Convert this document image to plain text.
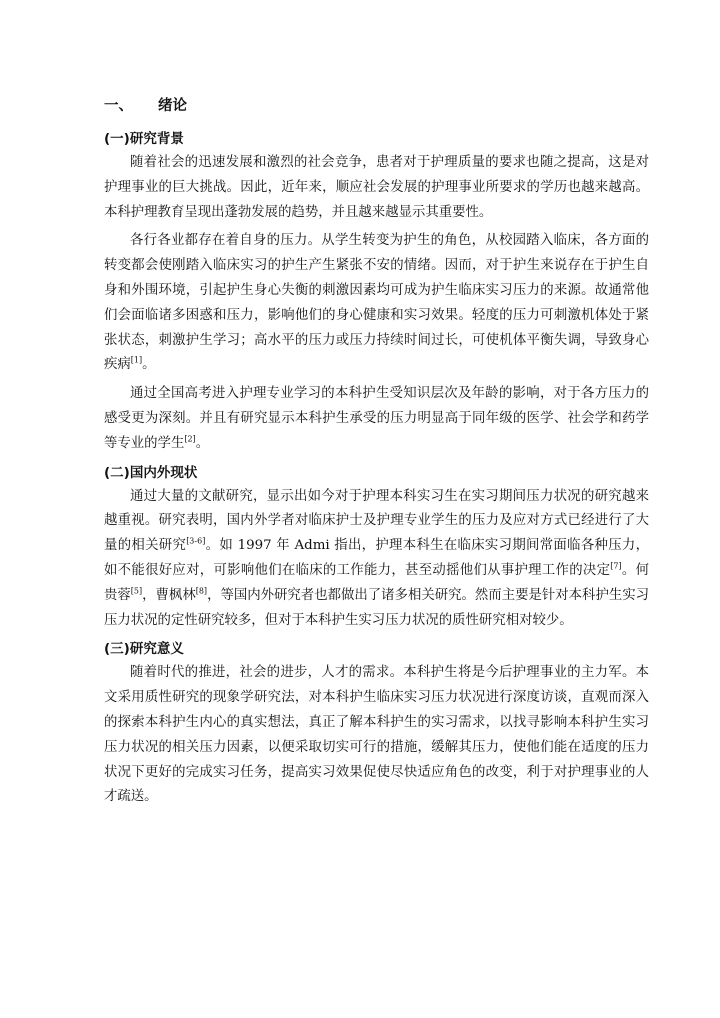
一、 绪论
(一)研究背景
随着社会的迅速发展和激烈的社会竞争，患者对于护理质量的要求也随之提高，这是对护理事业的巨大挑战。因此，近年来，顺应社会发展的护理事业所要求的学历也越来越高。本科护理教育呈现出蓬勃发展的趋势，并且越来越显示其重要性。
各行各业都存在着自身的压力。从学生转变为护生的角色，从校园踏入临床，各方面的转变都会使刚踏入临床实习的护生产生紧张不安的情绪。因而，对于护生来说存在于护生自身和外围环境，引起护生身心失衡的刺激因素均可成为护生临床实习压力的来源。故通常他们会面临诸多困惑和压力，影响他们的身心健康和实习效果。轻度的压力可刺激机体处于紧张状态，刺激护生学习；高水平的压力或压力持续时间过长，可使机体平衡失调，导致身心疾病[1]。
通过全国高考进入护理专业学习的本科护生受知识层次及年龄的影响，对于各方压力的感受更为深刻。并且有研究显示本科护生承受的压力明显高于同年级的医学、社会学和药学等专业的学生[2]。
(二)国内外现状
通过大量的文献研究，显示出如今对于护理本科实习生在实习期间压力状况的研究越来越重视。研究表明，国内外学者对临床护士及护理专业学生的压力及应对方式已经进行了大量的相关研究[3-6]。如 1997 年 Admi 指出，护理本科生在临床实习期间常面临各种压力，如不能很好应对，可影响他们在临床的工作能力，甚至动摇他们从事护理工作的决定[7]。何贵蓉[5]，曹枫林[8]，等国内外研究者也都做出了诸多相关研究。然而主要是针对本科护生实习压力状况的定性研究较多，但对于本科护生实习压力状况的质性研究相对较少。
(三)研究意义
随着时代的推进，社会的进步，人才的需求。本科护生将是今后护理事业的主力军。本文采用质性研究的现象学研究法，对本科护生临床实习压力状况进行深度访谈，直观而深入的探索本科护生内心的真实想法，真正了解本科护生的实习需求，以找寻影响本科护生实习压力状况的相关压力因素，以便采取切实可行的措施，缓解其压力，使他们能在适度的压力状况下更好的完成实习任务，提高实习效果促使尽快适应角色的改变，利于对护理事业的人才疏送。
